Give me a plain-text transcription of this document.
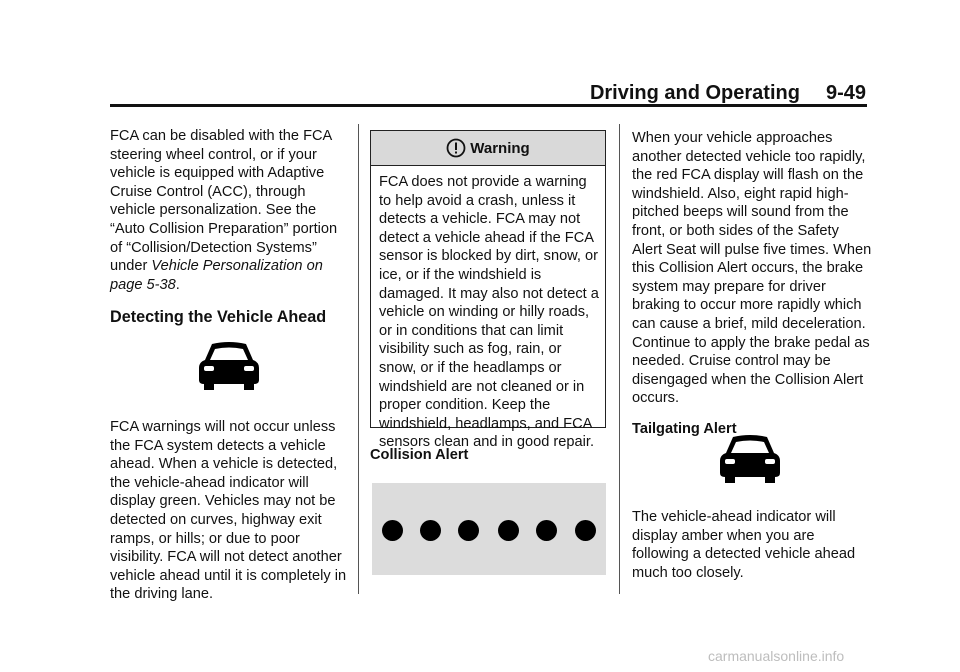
Driving and Operating 9-49

FCA can be disabled with the FCA steering wheel control, or if your vehicle is equipped with Adaptive Cruise Control (ACC), through vehicle personalization. See the “Auto Collision Preparation” portion of “Collision/Detection Systems” under Vehicle Personalization on page 5-38.

Detecting the Vehicle Ahead

FCA warnings will not occur unless the FCA system detects a vehicle ahead. When a vehicle is detected, the vehicle-ahead indicator will display green. Vehicles may not be detected on curves, highway exit ramps, or hills; or due to poor visibility. FCA will not detect another vehicle ahead until it is completely in the driving lane.

Warning
FCA does not provide a warning to help avoid a crash, unless it detects a vehicle. FCA may not detect a vehicle ahead if the FCA sensor is blocked by dirt, snow, or ice, or if the windshield is damaged. It may also not detect a vehicle on winding or hilly roads, or in conditions that can limit visibility such as fog, rain, or snow, or if the headlamps or windshield are not cleaned or in proper condition. Keep the windshield, headlamps, and FCA sensors clean and in good repair.
Collision Alert

When your vehicle approaches another detected vehicle too rapidly, the red FCA display will flash on the windshield. Also, eight rapid high-pitched beeps will sound from the front, or both sides of the Safety Alert Seat will pulse five times. When this Collision Alert occurs, the brake system may prepare for driver braking to occur more rapidly which can cause a brief, mild deceleration. Continue to apply the brake pedal as needed. Cruise control may be disengaged when the Collision Alert occurs.

Tailgating Alert

The vehicle-ahead indicator will display amber when you are following a detected vehicle ahead much too closely.
carmanualsonline.info
